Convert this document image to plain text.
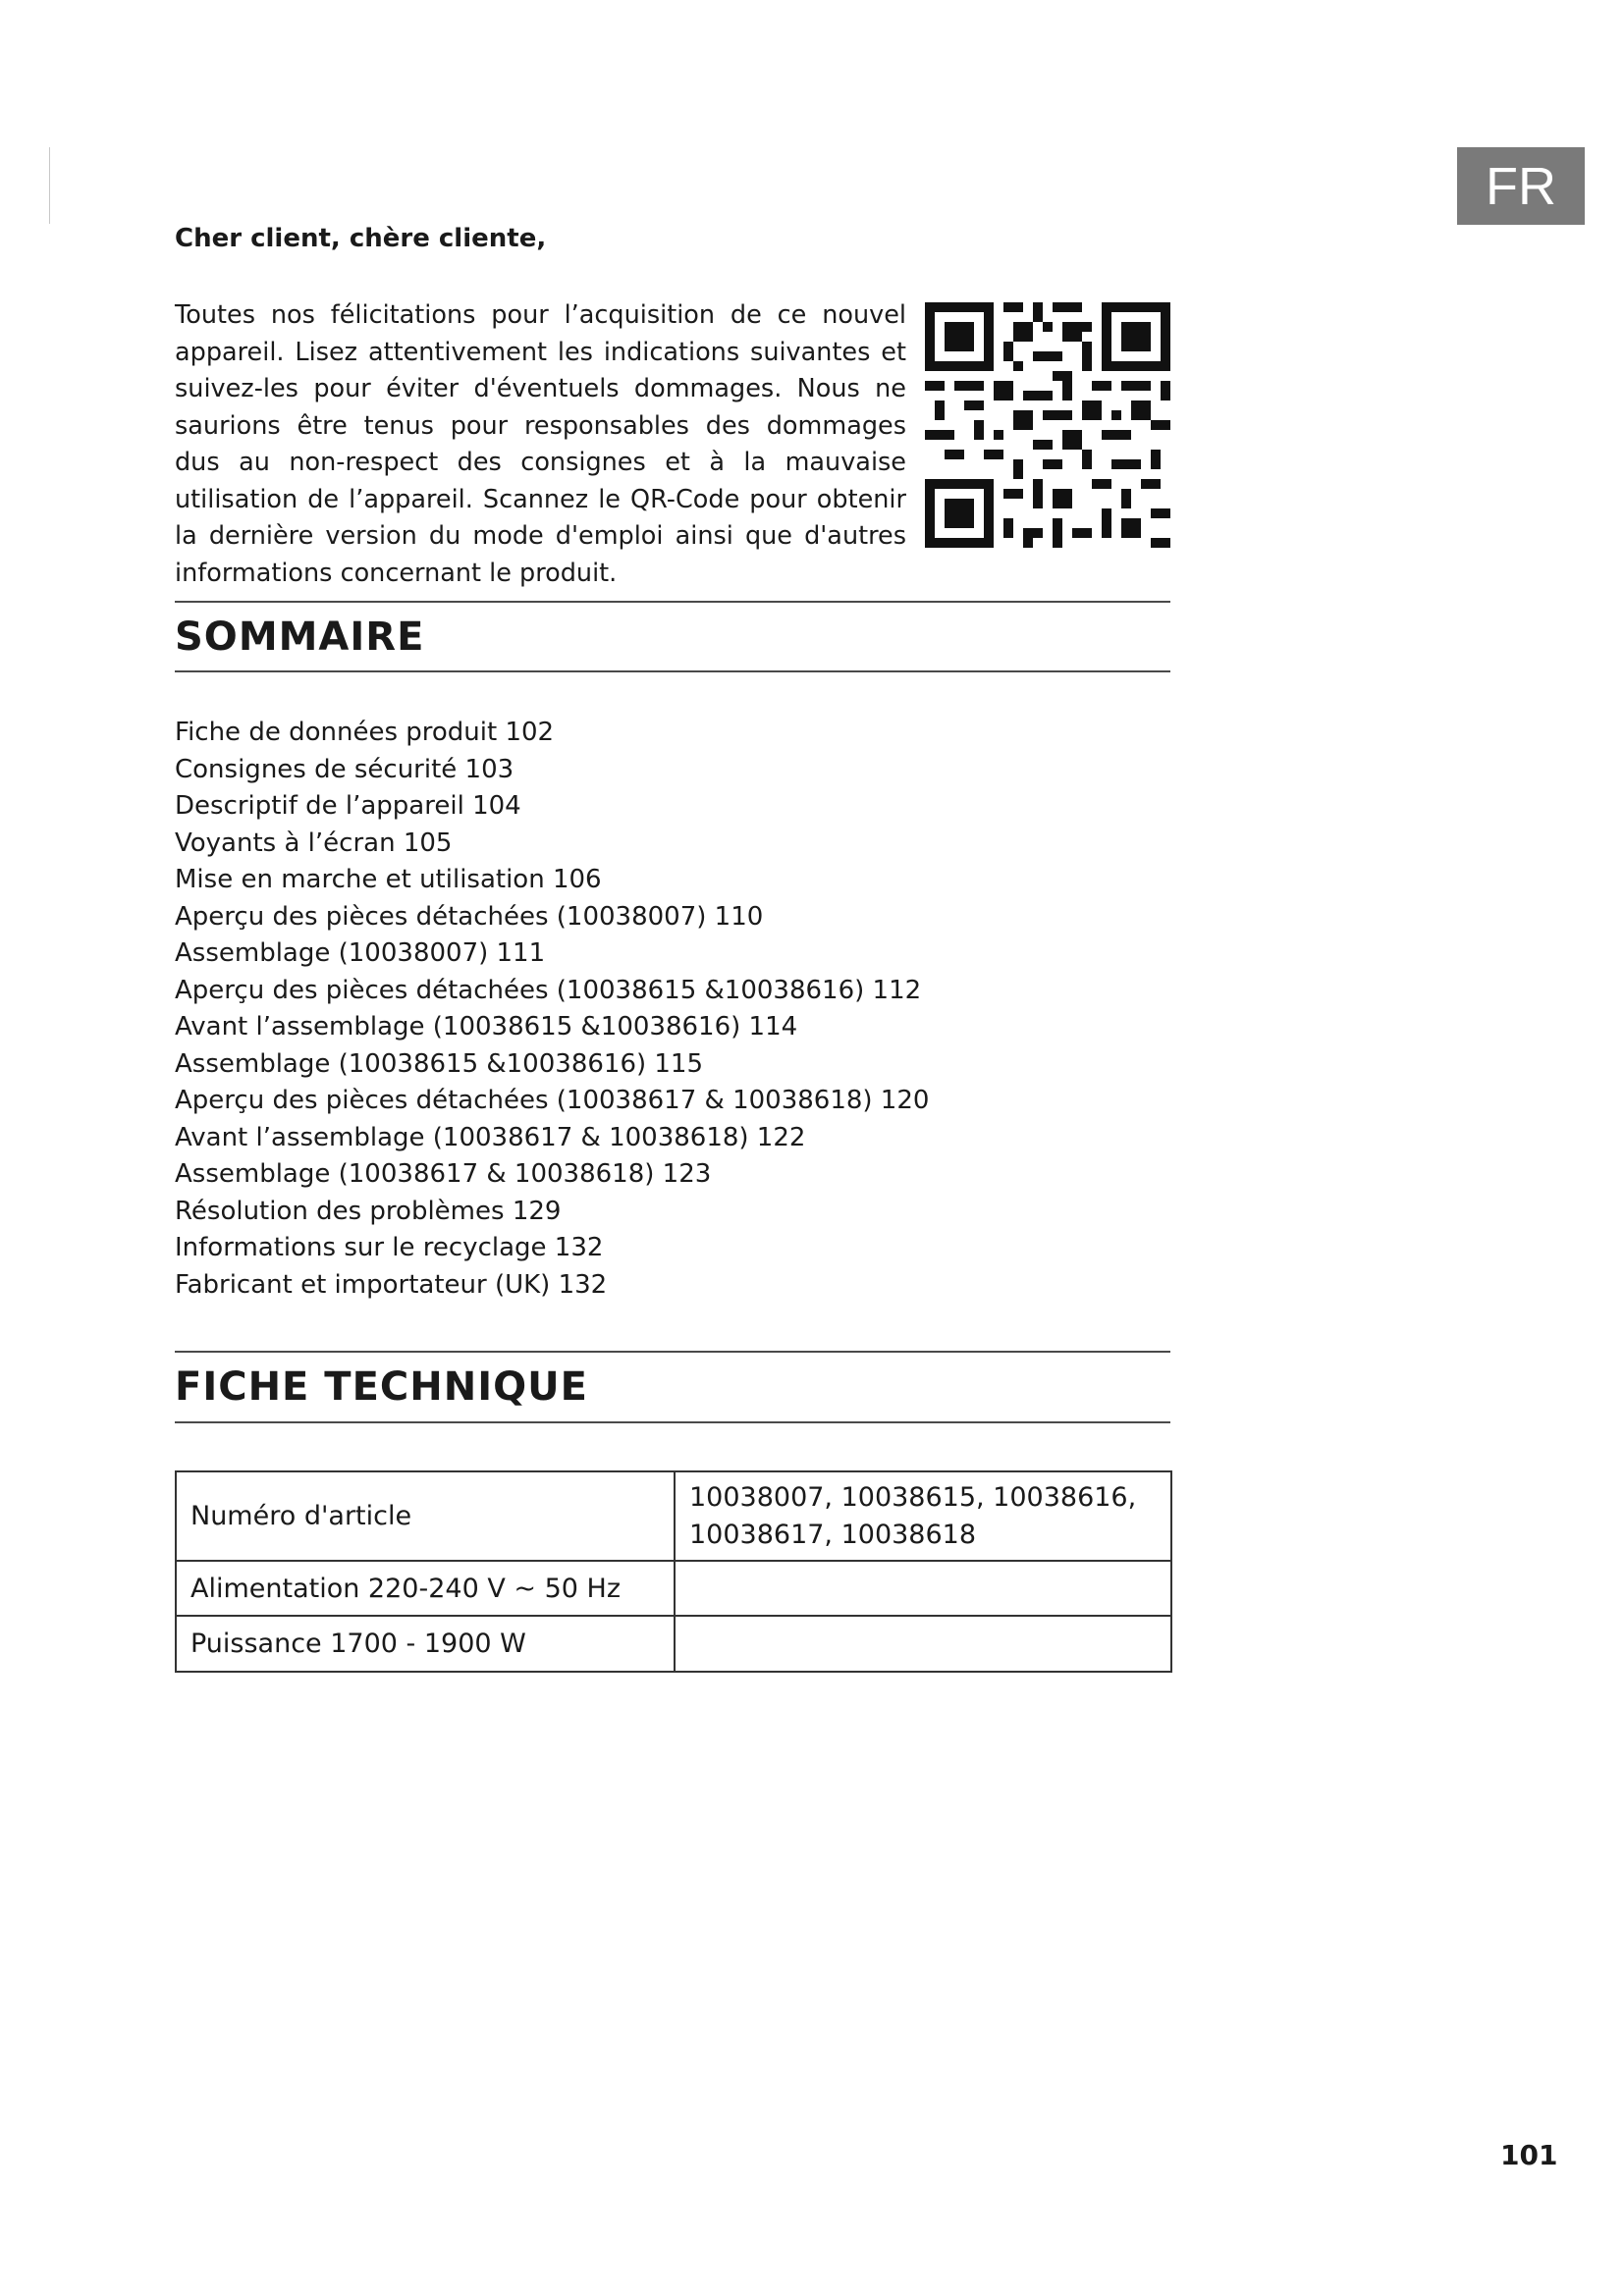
FR
Cher client, chère cliente,

Toutes nos félicitations pour l’acquisition de ce nouvel appareil. Lisez attentivement les indications suivantes et suivez-les pour éviter d'éventuels dommages. Nous ne saurions être tenus pour responsables des dommages dus au non-respect des consignes et à la mauvaise utilisation de l’appareil. Scannez le QR-Code pour obtenir la dernière version du mode d'emploi ainsi que d'autres informations concernant le produit.

SOMMAIRE
Fiche de données produit 102
Consignes de sécurité 103
Descriptif de l’appareil 104
Voyants à l’écran 105
Mise en marche et utilisation 106
Aperçu des pièces détachées (10038007) 110
Assemblage (10038007) 111
Aperçu des pièces détachées (10038615 &10038616) 112
Avant l’assemblage (10038615 &10038616) 114
Assemblage (10038615 &10038616) 115
Aperçu des pièces détachées (10038617 & 10038618) 120
Avant l’assemblage (10038617 & 10038618) 122
Assemblage (10038617 & 10038618) 123
Résolution des problèmes 129
Informations sur le recyclage 132
Fabricant et importateur (UK) 132
FICHE TECHNIQUE
Numéro d'article	10038007, 10038615, 10038616,
10038617, 10038618

Alimentation 220-240 V ~ 50 Hz	
Puissance 1700 - 1900 W	
101
